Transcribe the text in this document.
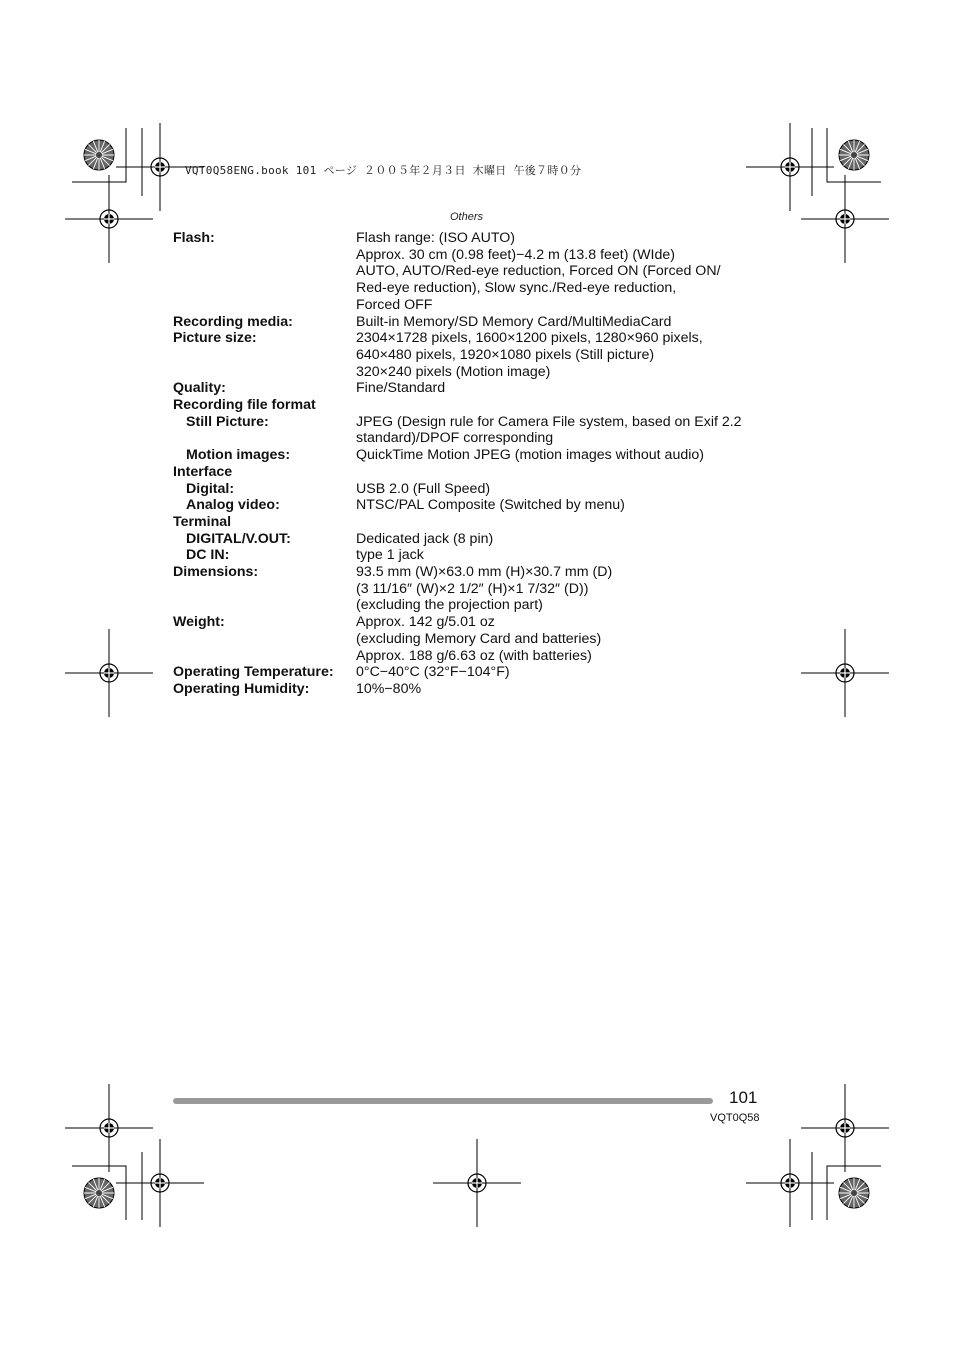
VQT0Q58ENG.book 101 ページ ２００５年２月３日 木曜日 午後７時０分
Others
Flash:	Flash range: (ISO AUTO)
Approx. 30 cm (0.98 feet)−4.2 m (13.8 feet) (WIde)
AUTO, AUTO/Red-eye reduction, Forced ON (Forced ON/
Red-eye reduction), Slow sync./Red-eye reduction,
Forced OFF
Recording media:	Built-in Memory/SD Memory Card/MultiMediaCard
Picture size:	2304×1728 pixels, 1600×1200 pixels, 1280×960 pixels,
640×480 pixels, 1920×1080 pixels (Still picture)
320×240 pixels (Motion image)
Quality:	Fine/Standard
Recording file format
Still Picture:	JPEG (Design rule for Camera File system, based on Exif 2.2
standard)/DPOF corresponding
Motion images:	QuickTime Motion JPEG (motion images without audio)
Interface
Digital:	USB 2.0 (Full Speed)
Analog video:	NTSC/PAL Composite (Switched by menu)
Terminal
DIGITAL/V.OUT:	Dedicated jack (8 pin)
DC IN:	type 1 jack
Dimensions:	93.5 mm (W)×63.0 mm (H)×30.7 mm (D)
(3 11/16″ (W)×2 1/2″ (H)×1 7/32″ (D))
(excluding the projection part)
Weight:	Approx. 142 g/5.01 oz
(excluding Memory Card and batteries)
Approx. 188 g/6.63 oz (with batteries)
Operating Temperature:	0°C−40°C (32°F−104°F)
Operating Humidity:	10%−80%
101
VQT0Q58
